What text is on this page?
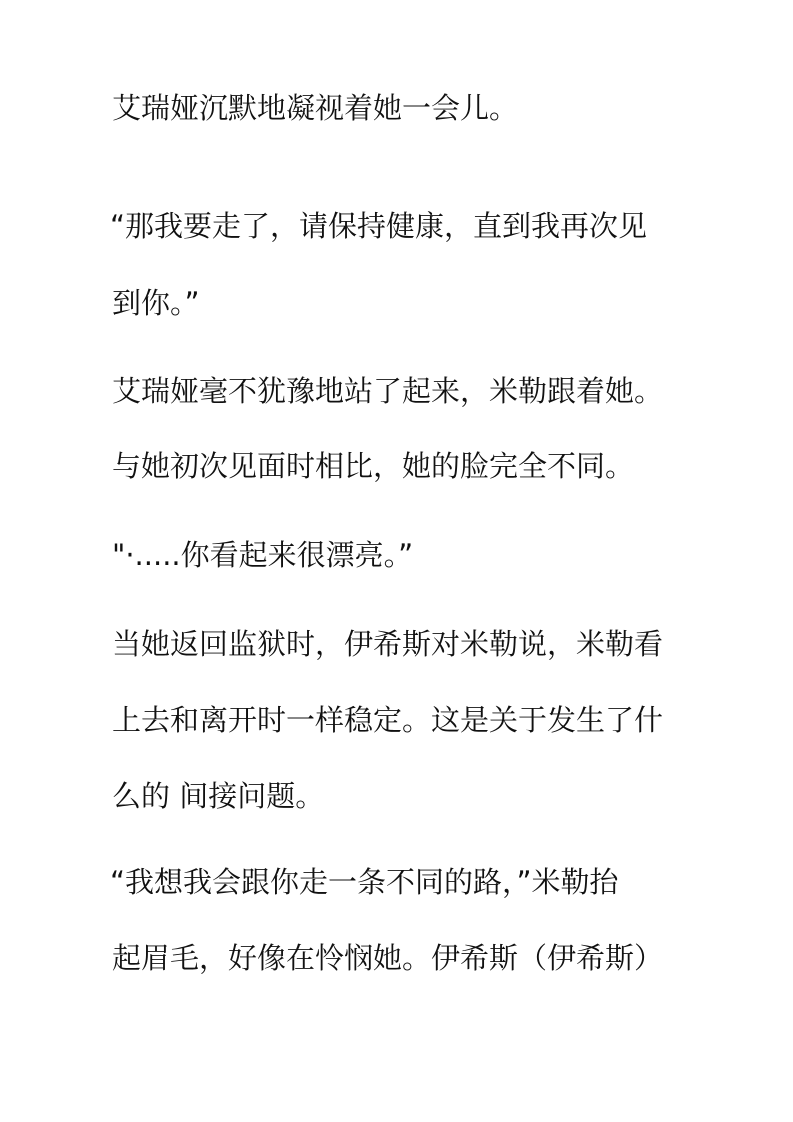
艾瑞娅沉默地凝视着她一会儿。
“那我要走了，请保持健康，直到我再次见
到你。”
艾瑞娅毫不犹豫地站了起来，米勒跟着她。
与她初次见面时相比，她的脸完全不同。
"·.....你看起来很漂亮。”
当她返回监狱时，伊希斯对米勒说，米勒看
上去和离开时一样稳定。这是关于发生了什
么的 间接问题。
“我想我会跟你走一条不同的路，”米勒抬
起眉毛，好像在怜悯她。伊希斯（伊希斯）
